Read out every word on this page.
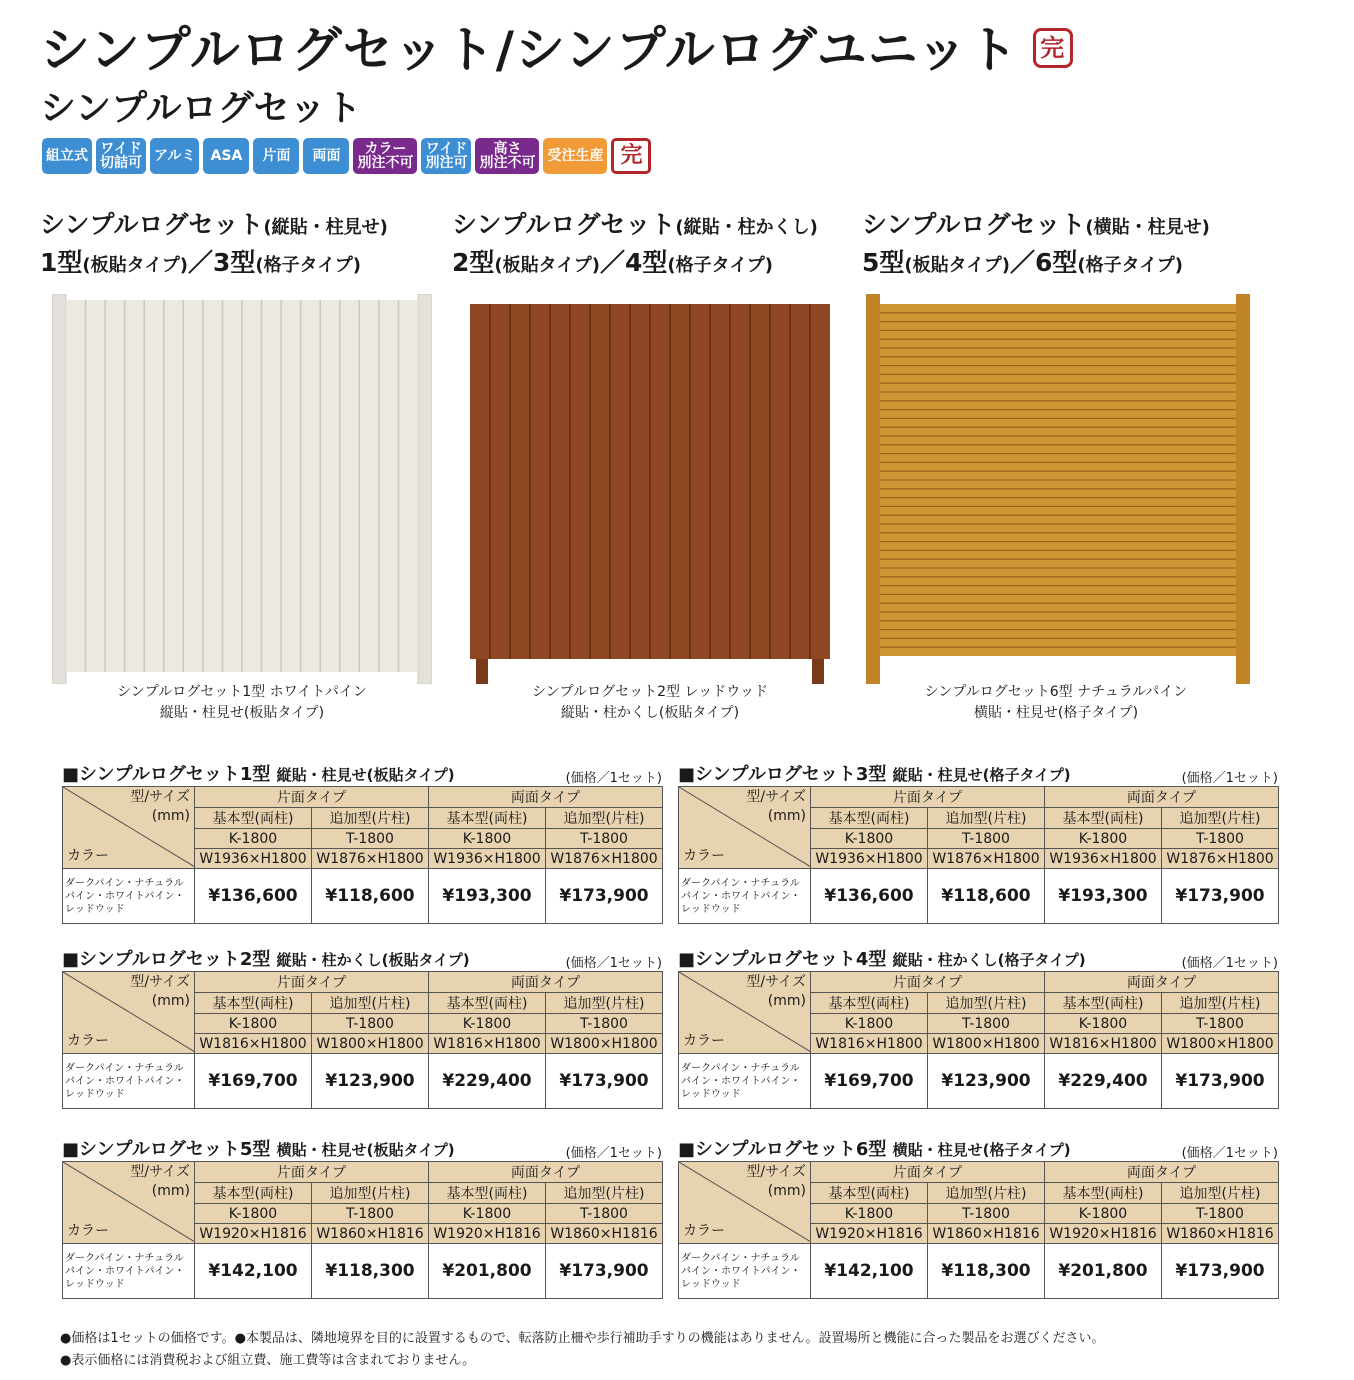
シンプルログセット/シンプルログユニット 完
シンプルログセット
組立式 ワイド
切詰可 アルミ	ASA	片面	両面	カラー
別注不可
ワイド
別注可
高さ
別注不可 受注生産 完
シンプルログセット(縦貼・柱見せ)
1型(板貼タイプ)／3型(格子タイプ)
シンプルログセット(縦貼・柱かくし)
2型(板貼タイプ)／4型(格子タイプ)
シンプルログセット(横貼・柱見せ)
5型(板貼タイプ)／6型(格子タイプ)
シンプルログセット1型 ホワイトパイン
縦貼・柱見せ(板貼タイプ)
シンプルログセット2型 レッドウッド
縦貼・柱かくし(板貼タイプ)
シンプルログセット6型 ナチュラルパイン
横貼・柱見せ(格子タイプ)
■シンプルログセット1型 縦貼・柱見せ(板貼タイプ)	(価格／1セット)
型/サイズ
(mm)
カラー	片面タイプ		両面タイプ	
	基本型(両柱)	追加型(片柱)	基本型(両柱)	追加型(片柱)
	K-1800	T-1800	K-1800	T-1800
	W1936×H1800	W1876×H1800	W1936×H1800	W1876×H1800
ダークパイン・ナチュラルパイン・ホワイトパイン・レッドウッド	¥136,600	¥118,600	¥193,300	¥173,900
■シンプルログセット3型 縦貼・柱見せ(格子タイプ)	(価格／1セット)
型/サイズ
(mm)
カラー	片面タイプ		両面タイプ	
	基本型(両柱)	追加型(片柱)	基本型(両柱)	追加型(片柱)
	K-1800	T-1800	K-1800	T-1800
	W1936×H1800	W1876×H1800	W1936×H1800	W1876×H1800
ダークパイン・ナチュラルパイン・ホワイトパイン・レッドウッド	¥136,600	¥118,600	¥193,300	¥173,900
■シンプルログセット2型 縦貼・柱かくし(板貼タイプ)	(価格／1セット)
型/サイズ
(mm)
カラー	片面タイプ		両面タイプ	
	基本型(両柱)	追加型(片柱)	基本型(両柱)	追加型(片柱)
	K-1800	T-1800	K-1800	T-1800
	W1816×H1800	W1800×H1800	W1816×H1800	W1800×H1800
ダークパイン・ナチュラルパイン・ホワイトパイン・レッドウッド	¥169,700	¥123,900	¥229,400	¥173,900
■シンプルログセット4型 縦貼・柱かくし(格子タイプ)	(価格／1セット)
型/サイズ
(mm)
カラー	片面タイプ		両面タイプ	
	基本型(両柱)	追加型(片柱)	基本型(両柱)	追加型(片柱)
	K-1800	T-1800	K-1800	T-1800
	W1816×H1800	W1800×H1800	W1816×H1800	W1800×H1800
ダークパイン・ナチュラルパイン・ホワイトパイン・レッドウッド	¥169,700	¥123,900	¥229,400	¥173,900
■シンプルログセット5型 横貼・柱見せ(板貼タイプ)	(価格／1セット)
型/サイズ
(mm)
カラー	片面タイプ		両面タイプ	
	基本型(両柱)	追加型(片柱)	基本型(両柱)	追加型(片柱)
	K-1800	T-1800	K-1800	T-1800
	W1920×H1816	W1860×H1816	W1920×H1816	W1860×H1816
ダークパイン・ナチュラルパイン・ホワイトパイン・レッドウッド	¥142,100	¥118,300	¥201,800	¥173,900
■シンプルログセット6型 横貼・柱見せ(格子タイプ)	(価格／1セット)
型/サイズ
(mm)
カラー	片面タイプ		両面タイプ	
	基本型(両柱)	追加型(片柱)	基本型(両柱)	追加型(片柱)
	K-1800	T-1800	K-1800	T-1800
	W1920×H1816	W1860×H1816	W1920×H1816	W1860×H1816
ダークパイン・ナチュラルパイン・ホワイトパイン・レッドウッド	¥142,100	¥118,300	¥201,800	¥173,900
●価格は1セットの価格です。●本製品は、隣地境界を目的に設置するもので、転落防止柵や歩行補助手すりの機能はありません。設置場所と機能に合った製品をお選びください。
●表示価格には消費税および組立費、施工費等は含まれておりません。
